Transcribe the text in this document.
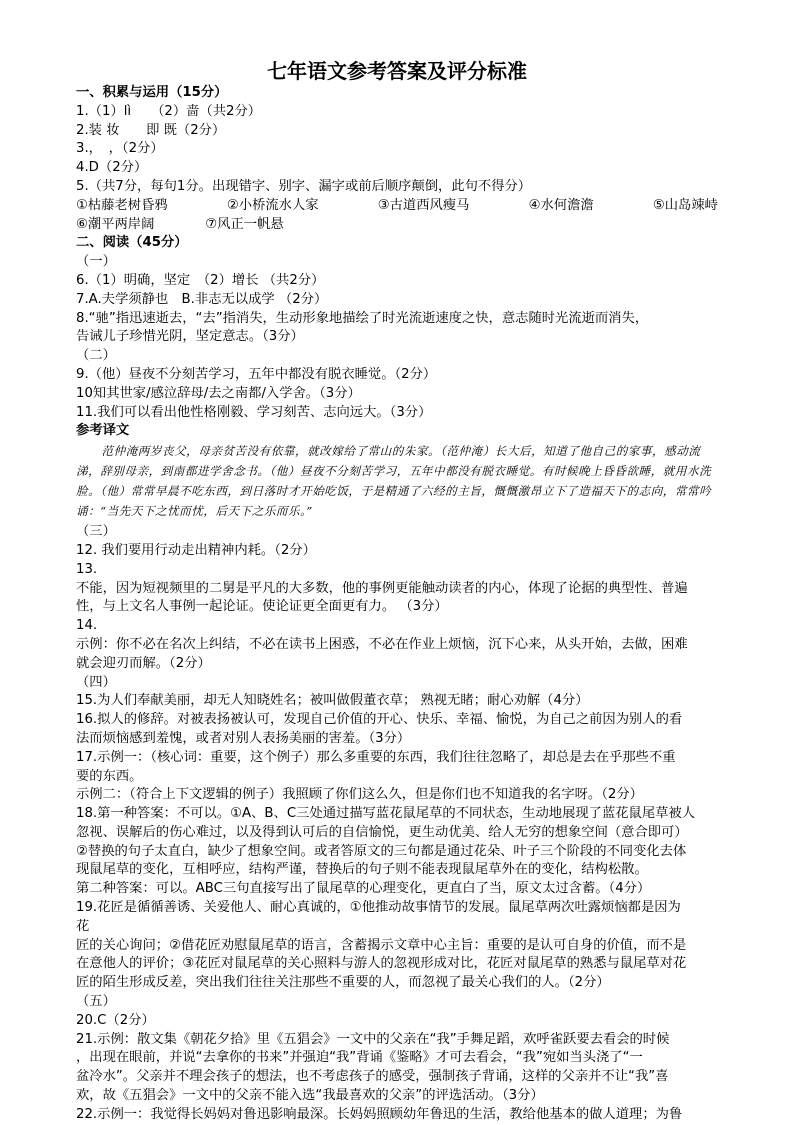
七年语文参考答案及评分标准
一、积累与运用（15分）
1.（1）lì　　（2）啬（共2分）
2.装 妆　　即 既（2分）
3.，　，（2分）
4.D（2分）
5.（共7分，每句1分。出现错字、别字、漏字或前后顺序颠倒，此句不得分）
①枯藤老树昏鸦	②小桥流水人家	③古道西风瘦马	④水何澹澹	⑤山岛竦峙
⑥潮平两岸阔	⑦风正一帆悬
二、阅读（45分）
（一）
6.（1）明确，坚定　（2）增长 （共2分）
7.A.夫学须静也　B.非志无以成学 （2分）
8.“驰”指迅速逝去，“去”指消失，生动形象地描绘了时光流逝速度之快，意志随时光流逝而消失，
告诫儿子珍惜光阴，坚定意志。（3分）
（二）
9.（他）昼夜不分刻苦学习，五年中都没有脱衣睡觉。（2分）
10知其世家/感泣辞母/去之南都/入学舍。（3分）
11.我们可以看出他性格刚毅、学习刻苦、志向远大。（3分）
参考译文
范仲淹两岁丧父，母亲贫苦没有依靠，就改嫁给了常山的朱家。（范仲淹）长大后，知道了他自己的家事，感动流涕，辞别母亲，到南都进学舍念书。（他）昼夜不分刻苦学习，五年中都没有脱衣睡觉。有时候晚上昏昏欲睡，就用水洗脸。（他）常常早晨不吃东西，到日落时才开始吃饭，于是精通了六经的主旨，慨慨激昂立下了造福天下的志向，常常吟诵：“当先天下之忧而忧，后天下之乐而乐。”
（三）
12. 我们要用行动走出精神内耗。（2分）
13.
不能，因为短视频里的二舅是平凡的大多数，他的事例更能触动读者的内心，体现了论据的典型性、普遍
性，与上文名人事例一起论证。使论证更全面更有力。 （3分）
14.
示例：你不必在名次上纠结，不必在读书上困惑，不必在作业上烦恼，沉下心来，从头开始，去做，困难
就会迎刃而解。（2分）
（四）
15.为人们奉献美丽，却无人知晓姓名；被叫做假董衣草； 熟视无睹；耐心劝解（4分）
16.拟人的修辞。对被表扬被认可，发现自己价值的开心、快乐、幸福、愉悦，为自己之前因为别人的看
法而烦恼感到羞愧，或者对别人表扬美丽的害羞。（3分）
17.示例一：（核心词：重要，这个例子）那么多重要的东西，我们往往忽略了，却总是去在乎那些不重
要的东西。
示例二：（符合上下文逻辑的例子）我照顾了你们这么久，但是你们也不知道我的名字呀。（2分）
18.第一种答案：不可以。①A、B、C三处通过描写蓝花鼠尾草的不同状态，生动地展现了蓝花鼠尾草被人
忽视、误解后的伤心难过，以及得到认可后的自信愉悦，更生动优美、给人无穷的想象空间（意合即可）
②替换的句子太直白，缺少了想象空间。或者答原文的三句都是通过花朵、叶子三个阶段的不同变化去体
现鼠尾草的变化，互相呼应，结构严谨，替换后的句子则不能表现鼠尾草外在的变化，结构松散。
第二种答案：可以。ABC三句直接写出了鼠尾草的心理变化，更直白了当，原文太过含蓄。（4分）
19.花匠是循循善诱、关爱他人、耐心真诚的，①他推动故事情节的发展。鼠尾草两次吐露烦恼都是因为
花
匠的关心询问；②借花匠劝慰鼠尾草的语言，含蓄揭示文章中心主旨：重要的是认可自身的价值，而不是
在意他人的评价；③花匠对鼠尾草的关心照料与游人的忽视形成对比，花匠对鼠尾草的熟悉与鼠尾草对花
匠的陌生形成反差，突出我们往往关注那些不重要的人，而忽视了最关心我们的人。（2分）
（五）
20.C（2分）
21.示例：散文集《朝花夕拾》里《五猖会》一文中的父亲在“我”手舞足蹈，欢呼雀跃要去看会的时候
，出现在眼前，并说“去拿你的书来”并强迫“我”背诵《鉴略》才可去看会，“我”宛如当头浇了“一
盆冷水”。父亲并不理会孩子的想法，也不考虑孩子的感受，强制孩子背诵，这样的父亲并不让“我”喜
欢，故《五猖会》一文中的父亲不能入选“我最喜欢的父亲”的评选活动。（3分）
22.示例一：我觉得长妈妈对鲁迅影响最深。长妈妈照顾幼年鲁迅的生活，教给他基本的做人道理；为鲁
